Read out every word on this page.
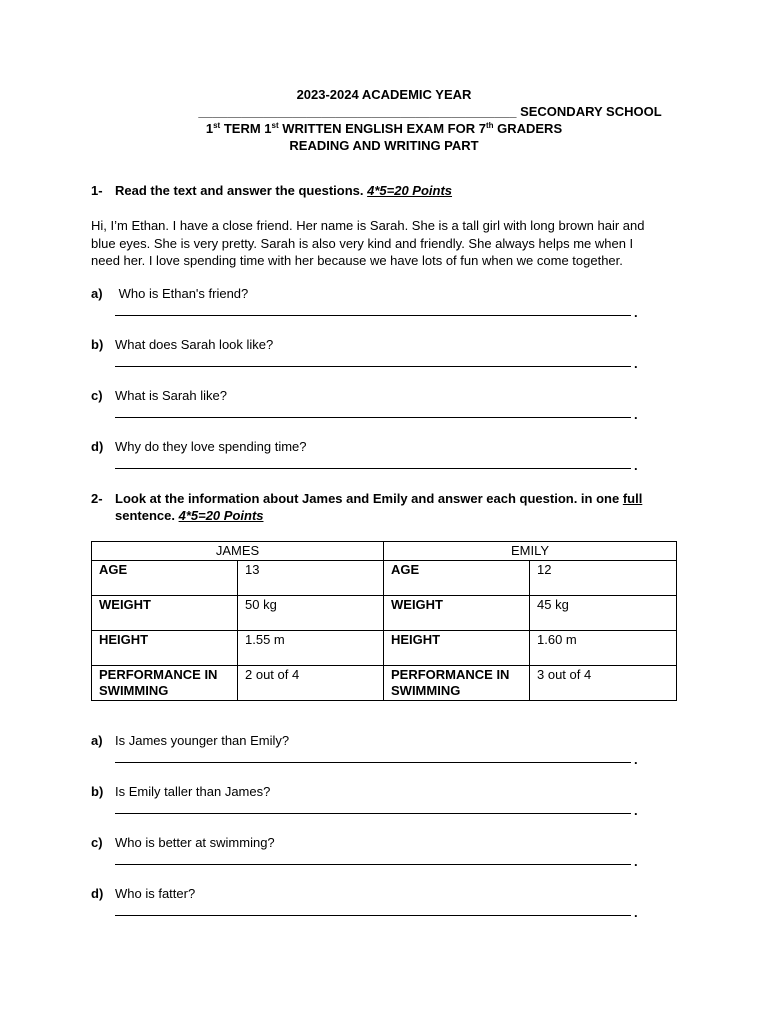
2023-2024 ACADEMIC YEAR
____________________________________________ SECONDARY SCHOOL
1st TERM 1st WRITTEN ENGLISH EXAM FOR 7th GRADERS
READING AND WRITING PART
1- Read the text and answer the questions. 4*5=20 Points
Hi, I’m Ethan. I have a close friend. Her name is Sarah. She is a tall girl with long brown hair and
blue eyes. She is very pretty. Sarah is also very kind and friendly. She always helps me when I
need her. I love spending time with her because we have lots of fun when we come together.
a) Who is Ethan's friend?
.
b) What does Sarah look like?
.
c) What is Sarah like?
.
d) Why do they love spending time?
.
2- Look at the information about James and Emily and answer each question. in one full
sentence. 4*5=20 Points
JAMES		EMILY	
AGE	13	AGE	12
WEIGHT	50 kg	WEIGHT	45 kg
HEIGHT	1.55 m	HEIGHT	1.60 m
PERFORMANCE IN SWIMMING	2 out of 4	PERFORMANCE IN SWIMMING	3 out of 4
a) Is James younger than Emily?
.
b) Is Emily taller than James?
.
c) Who is better at swimming?
.
d) Who is fatter?
.
